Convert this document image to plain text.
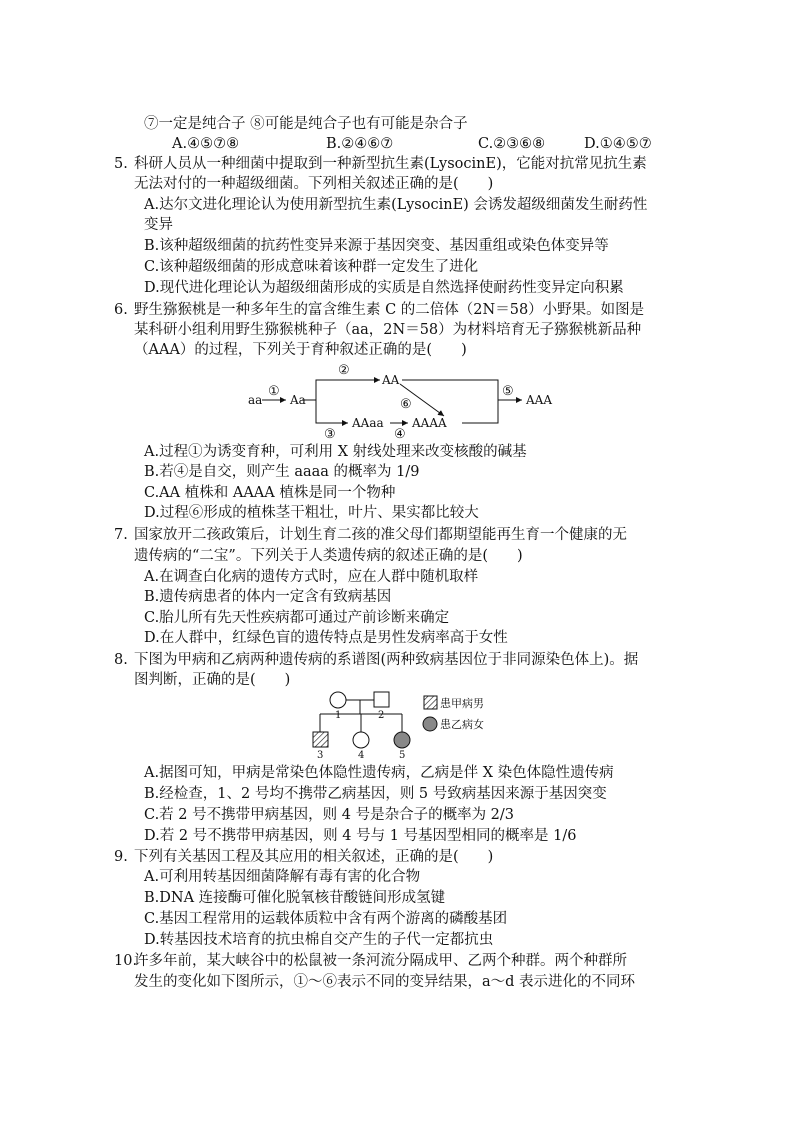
⑦一定是纯合子 ⑧可能是纯合子也有可能是杂合子
A.④⑤⑦⑧	B.②④⑥⑦	C.②③⑥⑧	D.①④⑤⑦
5. 科研人员从一种细菌中提取到一种新型抗生素(LysocinE)，它能对抗常见抗生素
无法对付的一种超级细菌。下列相关叙述正确的是(　　)
A.达尔文进化理论认为使用新型抗生素(LysocinE) 会诱发超级细菌发生耐药性
变异
B.该种超级细菌的抗药性变异来源于基因突变、基因重组或染色体变异等
C.该种超级细菌的形成意味着该种群一定发生了进化
D.现代进化理论认为超级细菌形成的实质是自然选择使耐药性变异定向积累
6. 野生猕猴桃是一种多年生的富含维生素 C 的二倍体（2N＝58）小野果。如图是
某科研小组利用野生猕猴桃种子（aa，2N＝58）为材料培育无子猕猴桃新品种
（AAA）的过程，下列关于育种叙述正确的是(　　)
aa Aa
AA
AAaa AAAA
AAA
①
②
③	④
⑤
⑥
A.过程①为诱变育种，可利用 X 射线处理来改变核酸的碱基
B.若④是自交，则产生 aaaa 的概率为 1/9
C.AA 植株和 AAAA 植株是同一个物种
D.过程⑥形成的植株茎干粗壮，叶片、果实都比较大
7. 国家放开二孩政策后，计划生育二孩的准父母们都期望能再生育一个健康的无
遗传病的“二宝”。下列关于人类遗传病的叙述正确的是(　　)
A.在调查白化病的遗传方式时，应在人群中随机取样
B.遗传病患者的体内一定含有致病基因
C.胎儿所有先天性疾病都可通过产前诊断来确定
D.在人群中，红绿色盲的遗传特点是男性发病率高于女性
8. 下图为甲病和乙病两种遗传病的系谱图(两种致病基因位于非同源染色体上)。据
图判断，正确的是(　　)
1	2
3	4	5
患甲病男
患乙病女
A.据图可知，甲病是常染色体隐性遗传病，乙病是伴 X 染色体隐性遗传病
B.经检查，1、2 号均不携带乙病基因，则 5 号致病基因来源于基因突变
C.若 2 号不携带甲病基因，则 4 号是杂合子的概率为 2/3
D.若 2 号不携带甲病基因，则 4 号与 1 号基因型相同的概率是 1/6
9. 下列有关基因工程及其应用的相关叙述，正确的是(　　)
A.可利用转基因细菌降解有毒有害的化合物
B.DNA 连接酶可催化脱氧核苷酸链间形成氢键
C.基因工程常用的运载体质粒中含有两个游离的磷酸基团
D.转基因技术培育的抗虫棉自交产生的子代一定都抗虫
10.
许多年前，某大峡谷中的松鼠被一条河流分隔成甲、乙两个种群。两个种群所
发生的变化如下图所示，①～⑥表示不同的变异结果，a～d 表示进化的不同环
